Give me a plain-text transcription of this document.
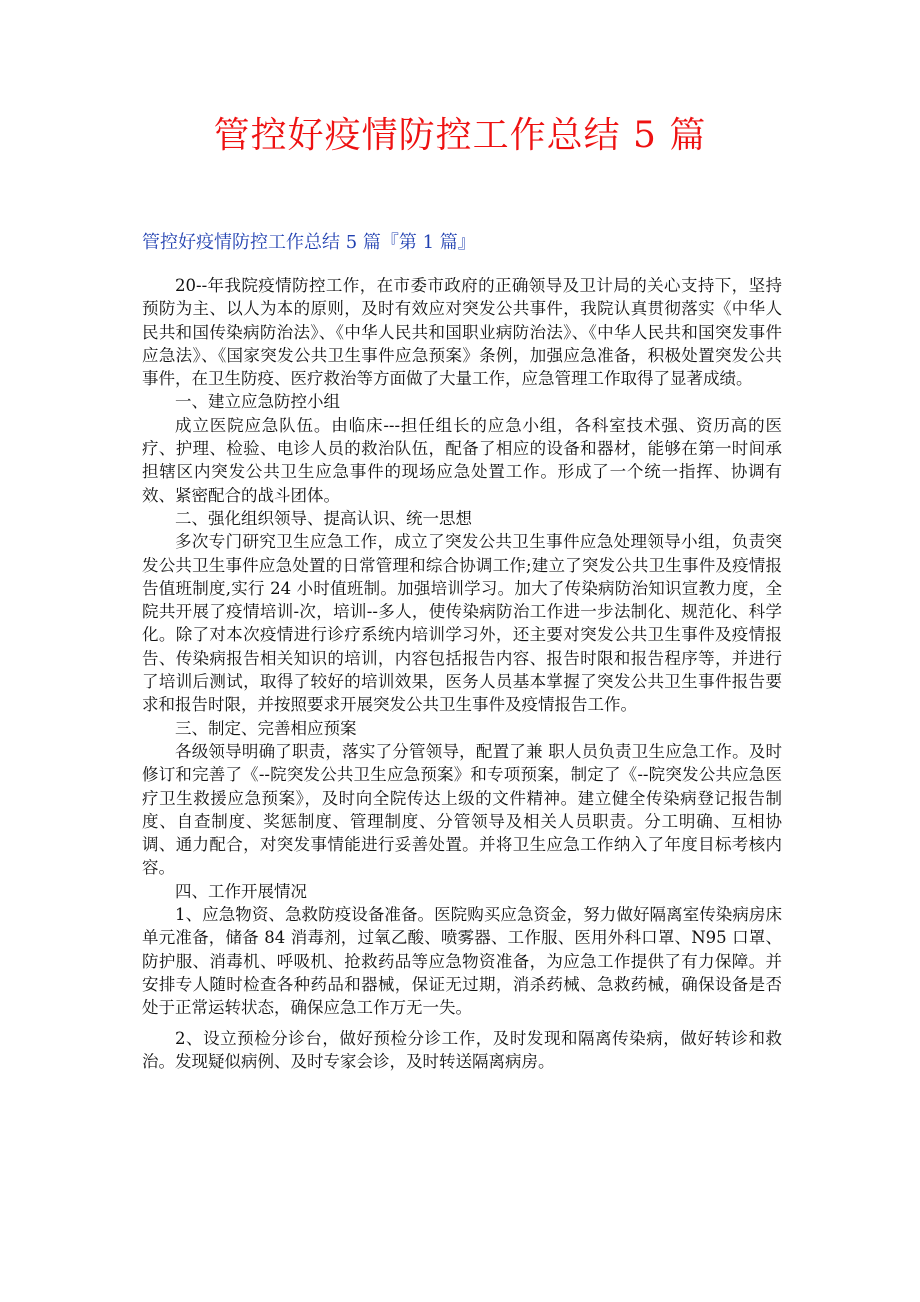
管控好疫情防控工作总结 5 篇
管控好疫情防控工作总结 5 篇『第 1 篇』

20--年我院疫情防控工作，在市委市政府的正确领导及卫计局的关心支持下，坚持预防为主、以人为本的原则，及时有效应对突发公共事件，我院认真贯彻落实《中华人民共和国传染病防治法》、《中华人民共和国职业病防治法》、《中华人民共和国突发事件应急法》、《国家突发公共卫生事件应急预案》条例，加强应急准备，积极处置突发公共事件，在卫生防疫、医疗救治等方面做了大量工作，应急管理工作取得了显著成绩。

一、建立应急防控小组

成立医院应急队伍。由临床---担任组长的应急小组，各科室技术强、资历高的医疗、护理、检验、电诊人员的救治队伍，配备了相应的设备和器材，能够在第一时间承担辖区内突发公共卫生应急事件的现场应急处置工作。形成了一个统一指挥、协调有效、紧密配合的战斗团体。

二、强化组织领导、提高认识、统一思想

多次专门研究卫生应急工作，成立了突发公共卫生事件应急处理领导小组，负责突发公共卫生事件应急处置的日常管理和综合协调工作;建立了突发公共卫生事件及疫情报告值班制度,实行 24 小时值班制。加强培训学习。加大了传染病防治知识宣教力度，全院共开展了疫情培训-次，培训--多人，使传染病防治工作进一步法制化、规范化、科学化。除了对本次疫情进行诊疗系统内培训学习外，还主要对突发公共卫生事件及疫情报告、传染病报告相关知识的培训，内容包括报告内容、报告时限和报告程序等，并进行了培训后测试，取得了较好的培训效果，医务人员基本掌握了突发公共卫生事件报告要求和报告时限，并按照要求开展突发公共卫生事件及疫情报告工作。

三、制定、完善相应预案

各级领导明确了职责，落实了分管领导，配置了兼 职人员负责卫生应急工作。及时修订和完善了《--院突发公共卫生应急预案》和专项预案，制定了《--院突发公共应急医疗卫生救援应急预案》，及时向全院传达上级的文件精神。建立健全传染病登记报告制度、自查制度、奖惩制度、管理制度、分管领导及相关人员职责。分工明确、互相协调、通力配合，对突发事情能进行妥善处置。并将卫生应急工作纳入了年度目标考核内容。

四、工作开展情况

1、应急物资、急救防疫设备准备。医院购买应急资金，努力做好隔离室传染病房床单元准备，储备 84 消毒剂，过氧乙酸、喷雾器、工作服、医用外科口罩、N95 口罩、防护服、消毒机、呼吸机、抢救药品等应急物资准备，为应急工作提供了有力保障。并安排专人随时检查各种药品和器械，保证无过期，消杀药械、急救药械，确保设备是否处于正常运转状态，确保应急工作万无一失。

2、设立预检分诊台，做好预检分诊工作，及时发现和隔离传染病，做好转诊和救治。发现疑似病例、及时专家会诊，及时转送隔离病房。
